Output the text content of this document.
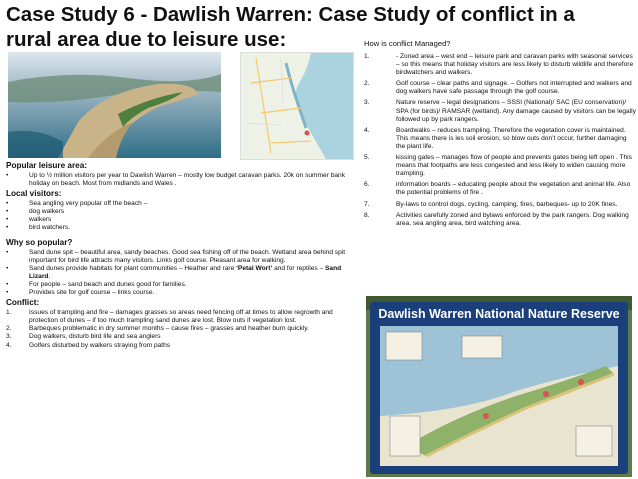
Case Study 6 - Dawlish Warren: Case Study of conflict in a rural area due to leisure use:
Popular leisure area:
•	Up to ½ million visitors per year to Dawlish Warren – mostly low budget caravan parks. 20k on summer bank holiday on beach. Most from midlands and Wales .
Local visitors:
•	Sea angling very popular off the beach –
•	dog walkers
•	walkers
•	bird watchers.
Why so popular?
•	Sand dune spit – beautiful area, sandy beaches. Good sea fishing off of the beach. Wetland area behind spit important for bird life attracts many visitors. Links golf course. Pleasant area for walking.
•	Sand dunes provide habitats for plant communities – Heather and rare ‘Petal Wort’ and for reptiles – Sand Lizard.
•	For people – sand beach and dunes good for families.
•	Provides site for golf course – links course.
Conflict:
1.	Issues of trampling and fire – damages grasses so areas need fencing off at times to allow regrowth and protection of dunes – if too much trampling sand dunes are lost. Blow outs if vegetation lost.
2.	Barbeques problematic in dry summer months – cause fires – grasses and heather burn quickly.
3.	Dog walkers, disturb bird life and sea anglers
4.	Golfers disturbed by walkers straying from paths
How is conflict Managed?
1.	- Zoned area – west end – leisure park and caravan parks with seasonal services – so this means that holiday visitors are less likely to disturb wildlife and therefore birdwatchers and walkers.
2.	Golf course – clear paths and signage. – Golfers not interrupted and walkers and dog walkers have safe passage through the golf course.
3.	Nature reserve – legal designations – SSSI (National)/ SAC (EU conservation)/ SPA (for birds)/ RAMSAR (wetland). Any damage caused by visitors can be legally followed up by park rangers.
4.	Boardwalks – reduces trampling. Therefore the vegetation cover is maintained. This means there is les soil erosion, so blow outs don’t occur, further damaging the plant life.
5.	kissing gates – manages flow of people and prevents gates being left open . This means that footpaths are less congested and less likely to widen causing more trampling.
6.	information boards – educating people about the vegetation and animal life. Also the potential problems of fire .
7.	By-laws to control dogs, cycling, camping, fires, barbeques- up to 20K fines.
8.	Activities carefully zoned and bylaws enforced by the park rangers. Dog walking area, sea angling area, bird watching area.
Dawlish Warren National Nature Reserve
